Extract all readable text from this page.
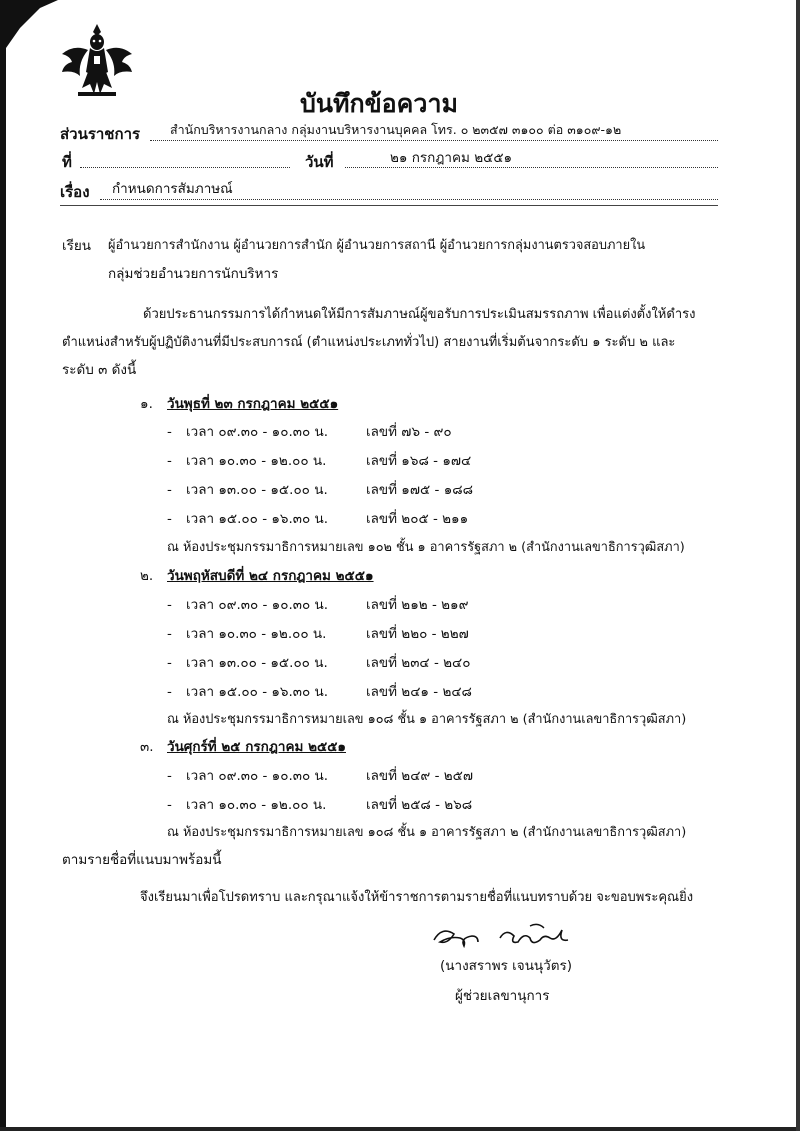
บันทึกข้อความ
ส่วนราชการ สำนักบริหารงานกลาง กลุ่มงานบริหารงานบุคคล โทร. ๐ ๒๓๕๗ ๓๑๐๐ ต่อ ๓๑๐๙-๑๒
ที่	วันที่	๒๑ กรกฎาคม ๒๕๕๑
เรื่อง กำหนดการสัมภาษณ์
เรียน ผู้อำนวยการสำนักงาน ผู้อำนวยการสำนัก ผู้อำนวยการสถานี ผู้อำนวยการกลุ่มงานตรวจสอบภายใน
กลุ่มช่วยอำนวยการนักบริหาร
ด้วยประธานกรรมการได้กำหนดให้มีการสัมภาษณ์ผู้ขอรับการประเมินสมรรถภาพ เพื่อแต่งตั้งให้ดำรง
ตำแหน่งสำหรับผู้ปฏิบัติงานที่มีประสบการณ์ (ตำแหน่งประเภททั่วไป) สายงานที่เริ่มต้นจากระดับ ๑ ระดับ ๒ และ
ระดับ ๓ ดังนี้
๑. วันพุธที่ ๒๓ กรกฎาคม ๒๕๕๑
- เวลา ๐๙.๓๐ - ๑๐.๓๐ น.	เลขที่ ๗๖ - ๙๐
- เวลา ๑๐.๓๐ - ๑๒.๐๐ น.	เลขที่ ๑๖๘ - ๑๗๔
- เวลา ๑๓.๐๐ - ๑๕.๐๐ น.	เลขที่ ๑๗๕ - ๑๘๘
- เวลา ๑๕.๐๐ - ๑๖.๓๐ น.	เลขที่ ๒๐๕ - ๒๑๑
ณ ห้องประชุมกรรมาธิการหมายเลข ๑๐๒ ชั้น ๑ อาคารรัฐสภา ๒ (สำนักงานเลขาธิการวุฒิสภา)
๒. วันพฤหัสบดีที่ ๒๔ กรกฎาคม ๒๕๕๑
- เวลา ๐๙.๓๐ - ๑๐.๓๐ น.	เลขที่ ๒๑๒ - ๒๑๙
- เวลา ๑๐.๓๐ - ๑๒.๐๐ น.	เลขที่ ๒๒๐ - ๒๒๗
- เวลา ๑๓.๐๐ - ๑๕.๐๐ น.	เลขที่ ๒๓๔ - ๒๔๐
- เวลา ๑๕.๐๐ - ๑๖.๓๐ น.	เลขที่ ๒๔๑ - ๒๔๘
ณ ห้องประชุมกรรมาธิการหมายเลข ๑๐๘ ชั้น ๑ อาคารรัฐสภา ๒ (สำนักงานเลขาธิการวุฒิสภา)
๓. วันศุกร์ที่ ๒๕ กรกฎาคม ๒๕๕๑
- เวลา ๐๙.๓๐ - ๑๐.๓๐ น.	เลขที่ ๒๔๙ - ๒๕๗
- เวลา ๑๐.๓๐ - ๑๒.๐๐ น.	เลขที่ ๒๕๘ - ๒๖๘
ณ ห้องประชุมกรรมาธิการหมายเลข ๑๐๘ ชั้น ๑ อาคารรัฐสภา ๒ (สำนักงานเลขาธิการวุฒิสภา)
ตามรายชื่อที่แนบมาพร้อมนี้
จึงเรียนมาเพื่อโปรดทราบ และกรุณาแจ้งให้ข้าราชการตามรายชื่อที่แนบทราบด้วย จะขอบพระคุณยิ่ง
(นางสราพร เจนนุวัตร)
ผู้ช่วยเลขานุการ
